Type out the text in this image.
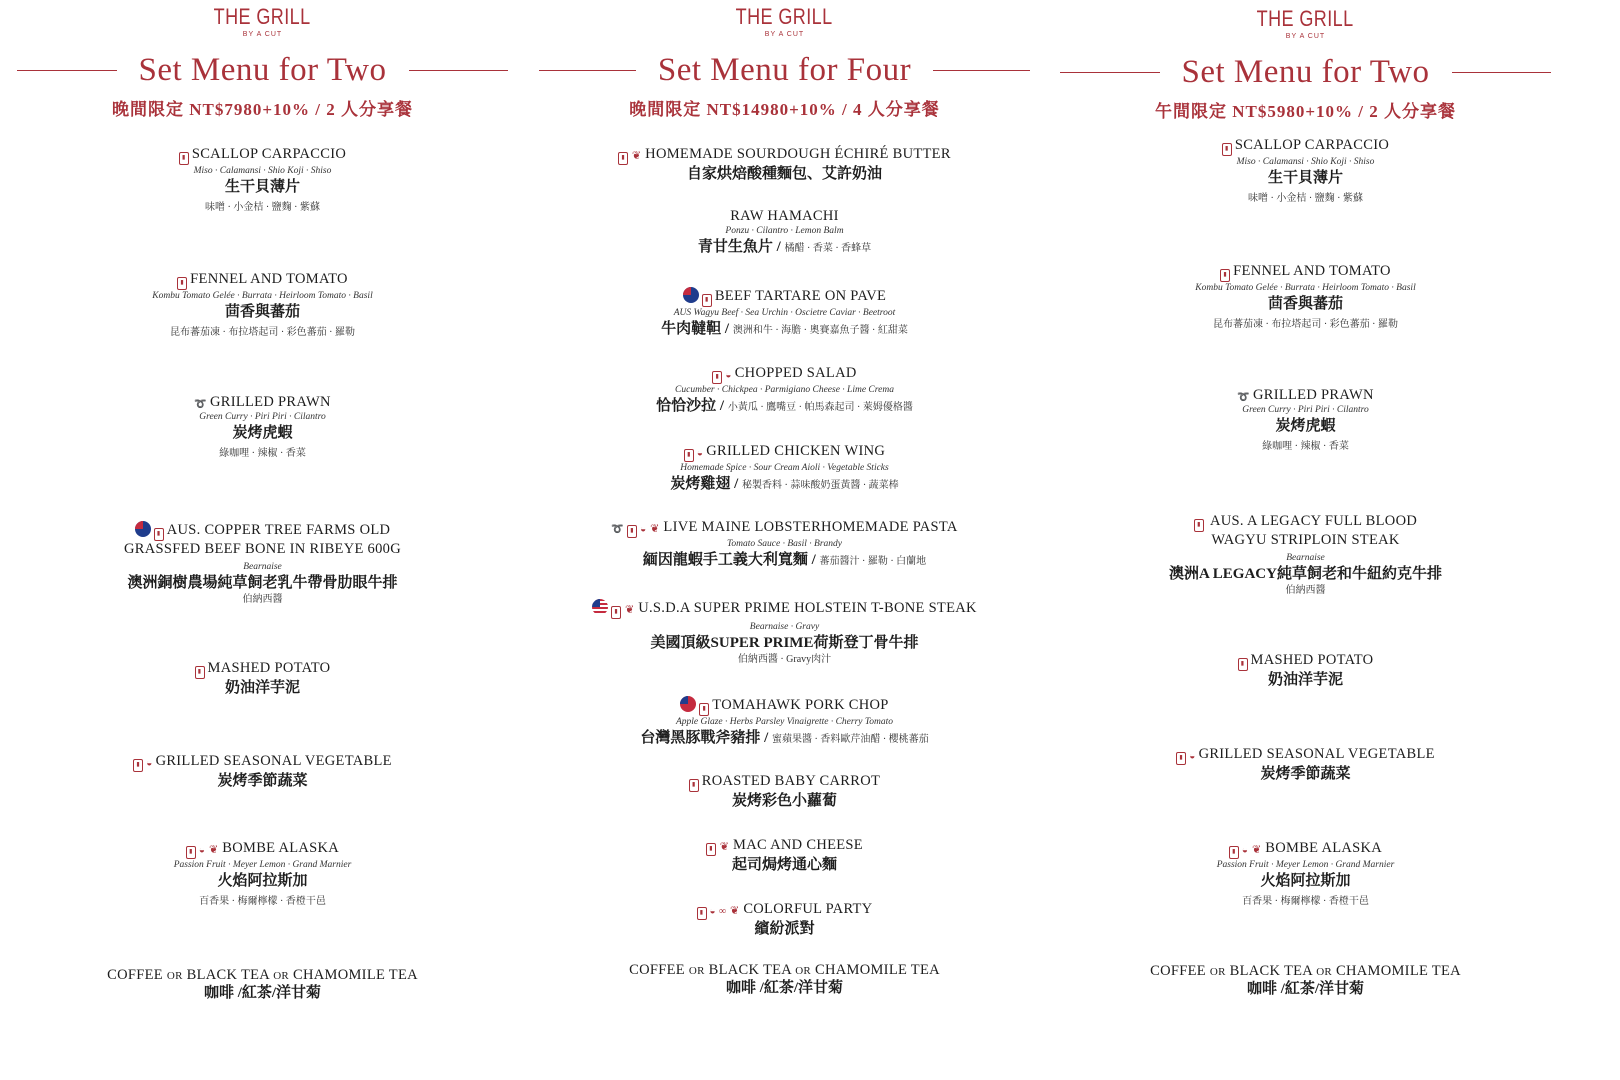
THE GRILL
BY A CUT
Set Menu for Two
晚間限定 NT$7980+10% / 2 人分享餐
▮ SCALLOP CARPACCIO
Miso · Calamansi · Shio Koji · Shiso
生干貝薄片
味噌 · 小金桔 · 鹽麴 · 紫蘇
▮ FENNEL AND TOMATO
Kombu Tomato Gelée · Burrata · Heirloom Tomato · Basil
茴香與蕃茄
昆布蕃茄凍 · 布拉塔起司 · 彩色蕃茄 · 羅勒
➰ GRILLED PRAWN
Green Curry · Piri Piri · Cilantro
炭烤虎蝦
綠咖哩 · 辣椒 · 香菜
▮ AUS. COPPER TREE FARMS OLD
GRASSFED BEEF BONE IN RIBEYE 600G
Bearnaise
澳洲銅樹農場純草飼老乳牛帶骨肋眼牛排
伯納西醬
▮ MASHED POTATO
奶油洋芋泥
▮ ◒ GRILLED SEASONAL VEGETABLE
炭烤季節蔬菜
▮ ◒ ❦ BOMBE ALASKA
Passion Fruit · Meyer Lemon · Grand Marnier
火焰阿拉斯加
百香果 · 梅爾檸檬 · 香橙干邑
COFFEE OR BLACK TEA OR CHAMOMILE TEA
咖啡 /紅茶/洋甘菊
THE GRILL
BY A CUT
Set Menu for Four
晚間限定 NT$14980+10% / 4 人分享餐
▮ ❦ HOMEMADE SOURDOUGH ÉCHIRÉ BUTTER
自家烘焙酸種麵包、艾許奶油
RAW HAMACHI
Ponzu · Cilantro · Lemon Balm
青甘生魚片 / 橘醋 · 香菜 · 香蜂草
▮ BEEF TARTARE ON PAVE
AUS Wagyu Beef · Sea Urchin · Oscietre Caviar · Beetroot
牛肉韃靼 / 澳洲和牛 · 海膽 · 奧賽嘉魚子醬 · 紅甜菜
▮ ◒ CHOPPED SALAD
Cucumber · Chickpea · Parmigiano Cheese · Lime Crema
恰恰沙拉 / 小黃瓜 · 鷹嘴豆 · 帕馬森起司 · 萊姆優格醬
▮ ◒ GRILLED CHICKEN WING
Homemade Spice · Sour Cream Aioli · Vegetable Sticks
炭烤雞翅 / 秘製香料 · 蒜味酸奶蛋黃醬 · 蔬菜棒
➰ ▮ ◒ ❦ LIVE MAINE LOBSTERHOMEMADE PASTA
Tomato Sauce · Basil · Brandy
緬因龍蝦手工義大利寬麵 / 蕃茄醬汁 · 羅勒 · 白蘭地
▮ ❦ U.S.D.A SUPER PRIME HOLSTEIN T-BONE STEAK
Bearnaise · Gravy
美國頂級SUPER PRIME荷斯登丁骨牛排
伯納西醬 · Gravy肉汁
▮ TOMAHAWK PORK CHOP
Apple Glaze · Herbs Parsley Vinaigrette · Cherry Tomato
台灣黑豚戰斧豬排 / 蜜蘋果醬 · 香料歐芹油醋 · 櫻桃蕃茄
▮ ROASTED BABY CARROT
炭烤彩色小蘿蔔
▮ ❦ MAC AND CHEESE
起司焗烤通心麵
▮ ◒ ∞ ❦ COLORFUL PARTY
繽紛派對
COFFEE OR BLACK TEA OR CHAMOMILE TEA
咖啡 /紅茶/洋甘菊
THE GRILL
BY A CUT
Set Menu for Two
午間限定 NT$5980+10% / 2 人分享餐
▮ SCALLOP CARPACCIO
Miso · Calamansi · Shio Koji · Shiso
生干貝薄片
味噌 · 小金桔 · 鹽麴 · 紫蘇
▮ FENNEL AND TOMATO
Kombu Tomato Gelée · Burrata · Heirloom Tomato · Basil
茴香與蕃茄
昆布蕃茄凍 · 布拉塔起司 · 彩色蕃茄 · 羅勒
➰ GRILLED PRAWN
Green Curry · Piri Piri · Cilantro
炭烤虎蝦
綠咖哩 · 辣椒 · 香菜
▮ AUS. A LEGACY FULL BLOOD
WAGYU STRIPLOIN STEAK
Bearnaise
澳洲A LEGACY純草飼老和牛紐約克牛排
伯納西醬
▮ MASHED POTATO
奶油洋芋泥
▮ ◒ GRILLED SEASONAL VEGETABLE
炭烤季節蔬菜
▮ ◒ ❦ BOMBE ALASKA
Passion Fruit · Meyer Lemon · Grand Marnier
火焰阿拉斯加
百香果 · 梅爾檸檬 · 香橙干邑
COFFEE OR BLACK TEA OR CHAMOMILE TEA
咖啡 /紅茶/洋甘菊
